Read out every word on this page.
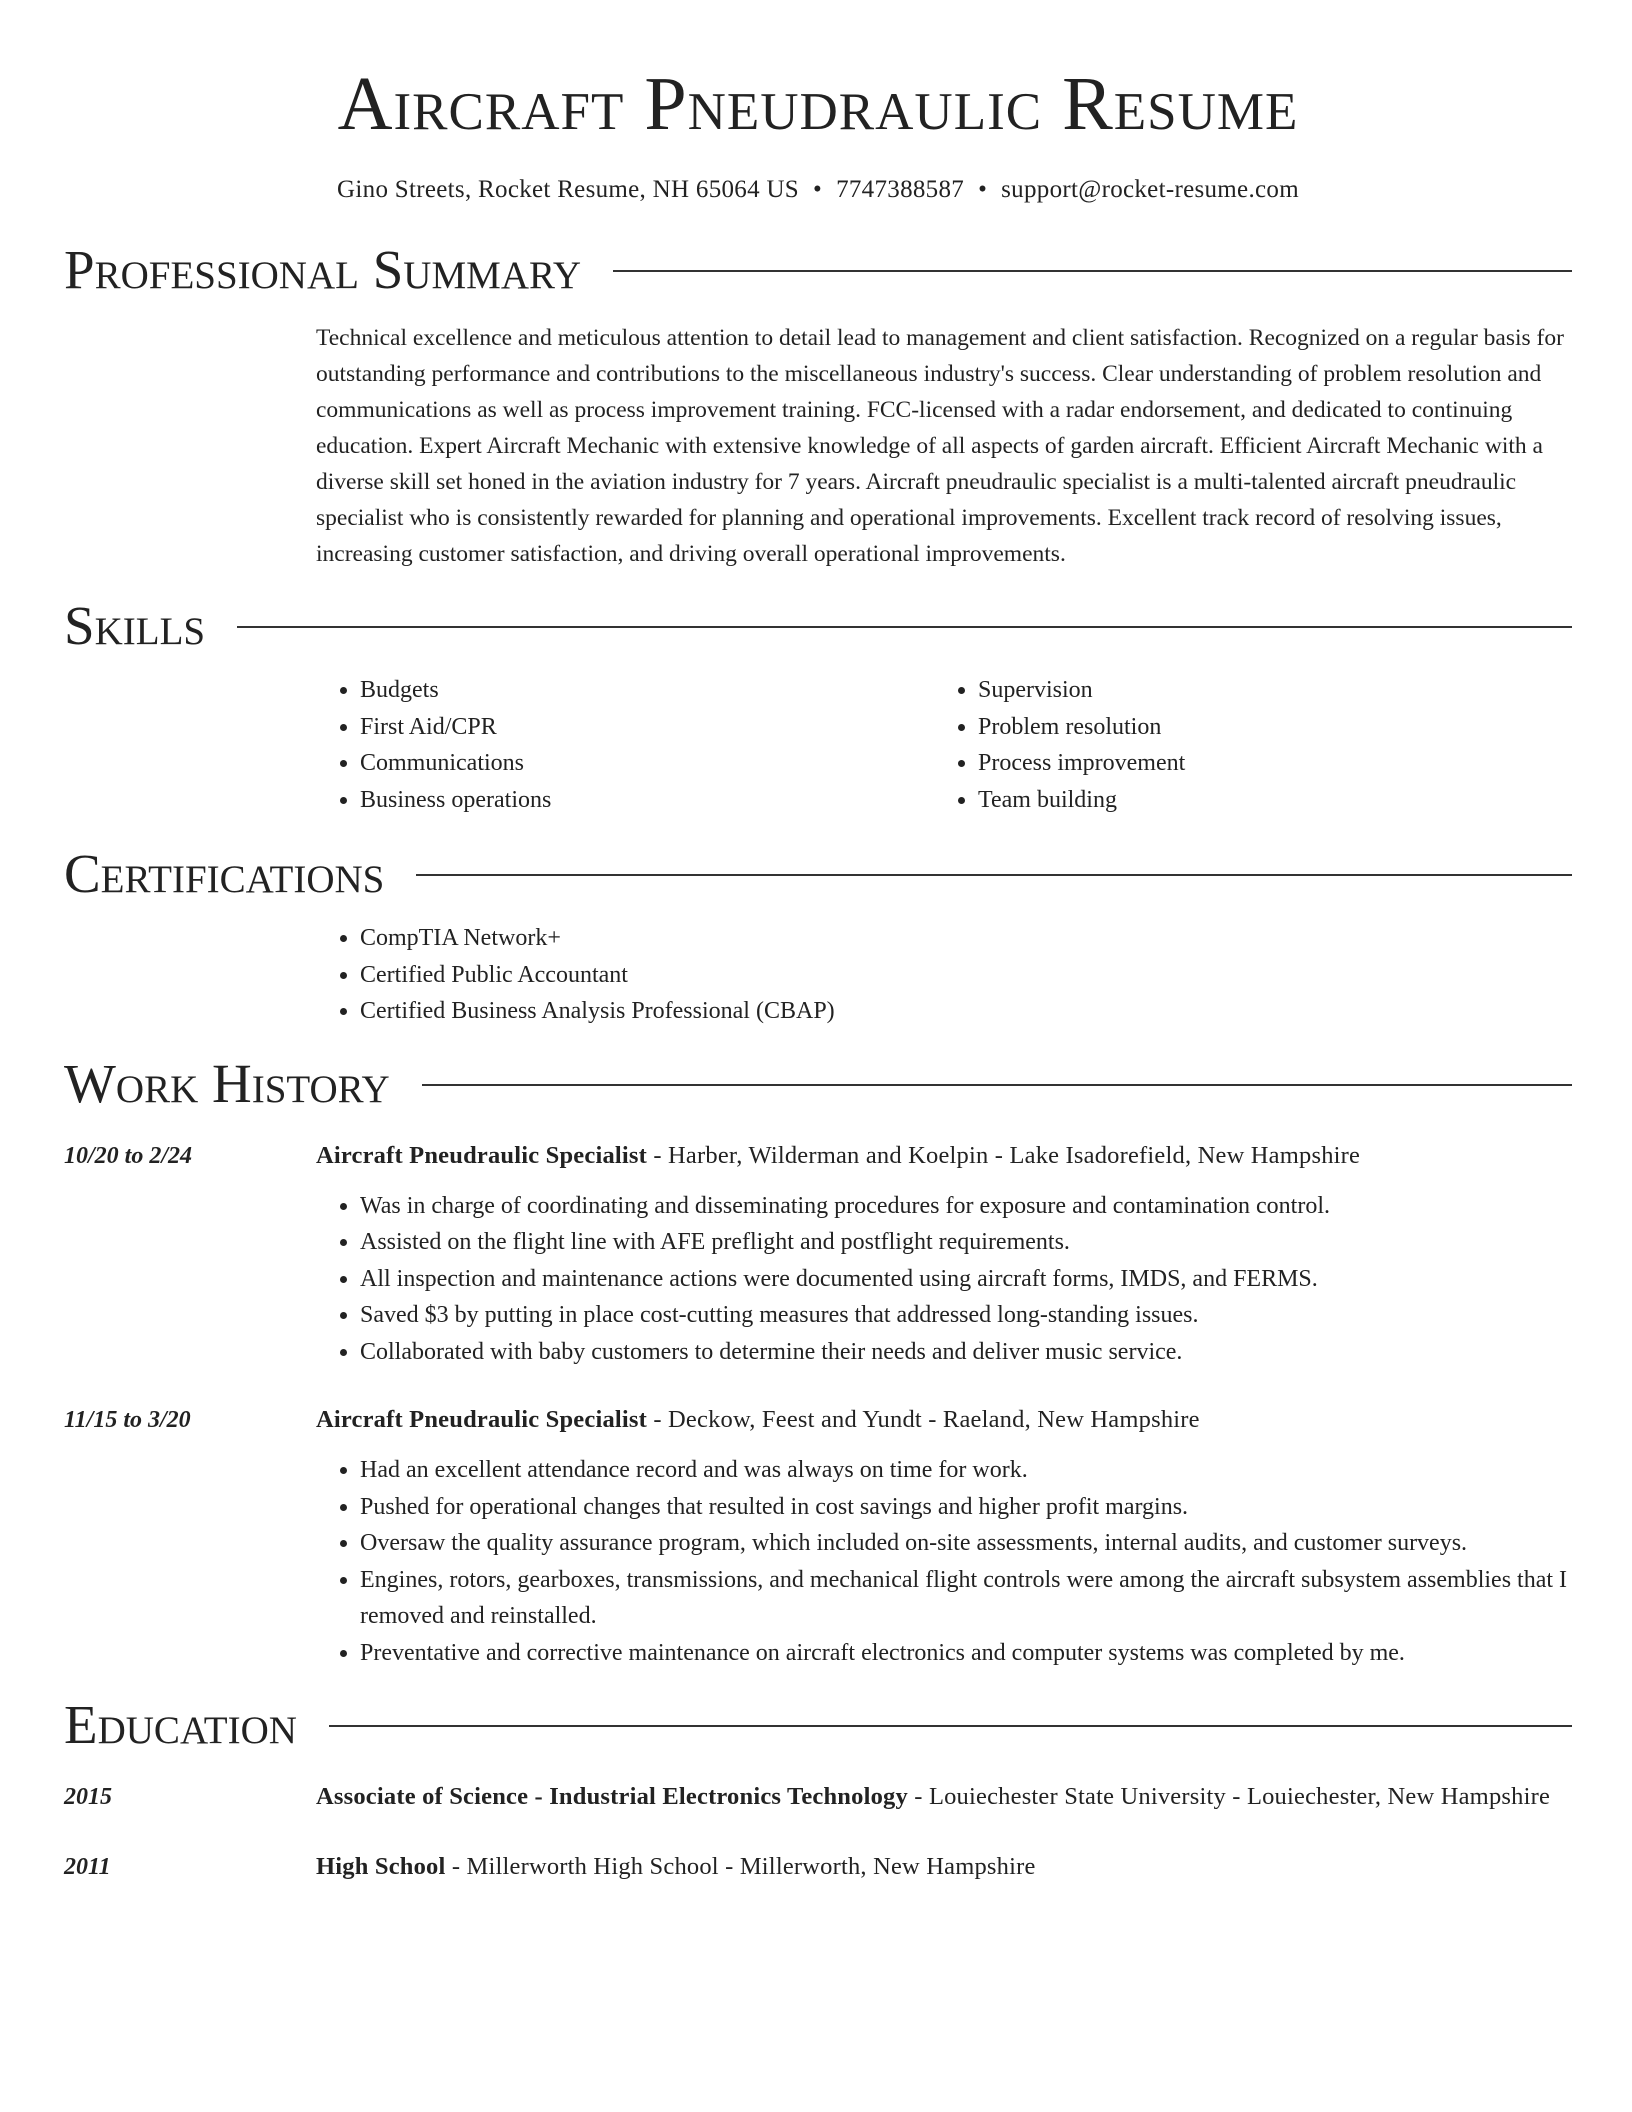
Aircraft Pneudraulic Resume
Gino Streets, Rocket Resume, NH 65064 US • 7747388587 • support@rocket-resume.com
Professional Summary
Technical excellence and meticulous attention to detail lead to management and client satisfaction. Recognized on a regular basis for outstanding performance and contributions to the miscellaneous industry's success. Clear understanding of problem resolution and communications as well as process improvement training. FCC-licensed with a radar endorsement, and dedicated to continuing education. Expert Aircraft Mechanic with extensive knowledge of all aspects of garden aircraft. Efficient Aircraft Mechanic with a diverse skill set honed in the aviation industry for 7 years. Aircraft pneudraulic specialist is a multi-talented aircraft pneudraulic specialist who is consistently rewarded for planning and operational improvements. Excellent track record of resolving issues, increasing customer satisfaction, and driving overall operational improvements.
Skills
• Budgets
• First Aid/CPR
• Communications
• Business operations
• Supervision
• Problem resolution
• Process improvement
• Team building
Certifications
• CompTIA Network+
• Certified Public Accountant
• Certified Business Analysis Professional (CBAP)
Work History
10/20 to 2/24	Aircraft Pneudraulic Specialist - Harber, Wilderman and Koelpin - Lake Isadorefield, New Hampshire
• Was in charge of coordinating and disseminating procedures for exposure and contamination control.
• Assisted on the flight line with AFE preflight and postflight requirements.
• All inspection and maintenance actions were documented using aircraft forms, IMDS, and FERMS.
• Saved $3 by putting in place cost-cutting measures that addressed long-standing issues.
• Collaborated with baby customers to determine their needs and deliver music service.
11/15 to 3/20	Aircraft Pneudraulic Specialist - Deckow, Feest and Yundt - Raeland, New Hampshire
• Had an excellent attendance record and was always on time for work.
• Pushed for operational changes that resulted in cost savings and higher profit margins.
• Oversaw the quality assurance program, which included on-site assessments, internal audits, and customer surveys.
• Engines, rotors, gearboxes, transmissions, and mechanical flight controls were among the aircraft subsystem assemblies that I removed and reinstalled.
• Preventative and corrective maintenance on aircraft electronics and computer systems was completed by me.
Education
2015	Associate of Science - Industrial Electronics Technology - Louiechester State University - Louiechester, New Hampshire
2011	High School - Millerworth High School - Millerworth, New Hampshire
